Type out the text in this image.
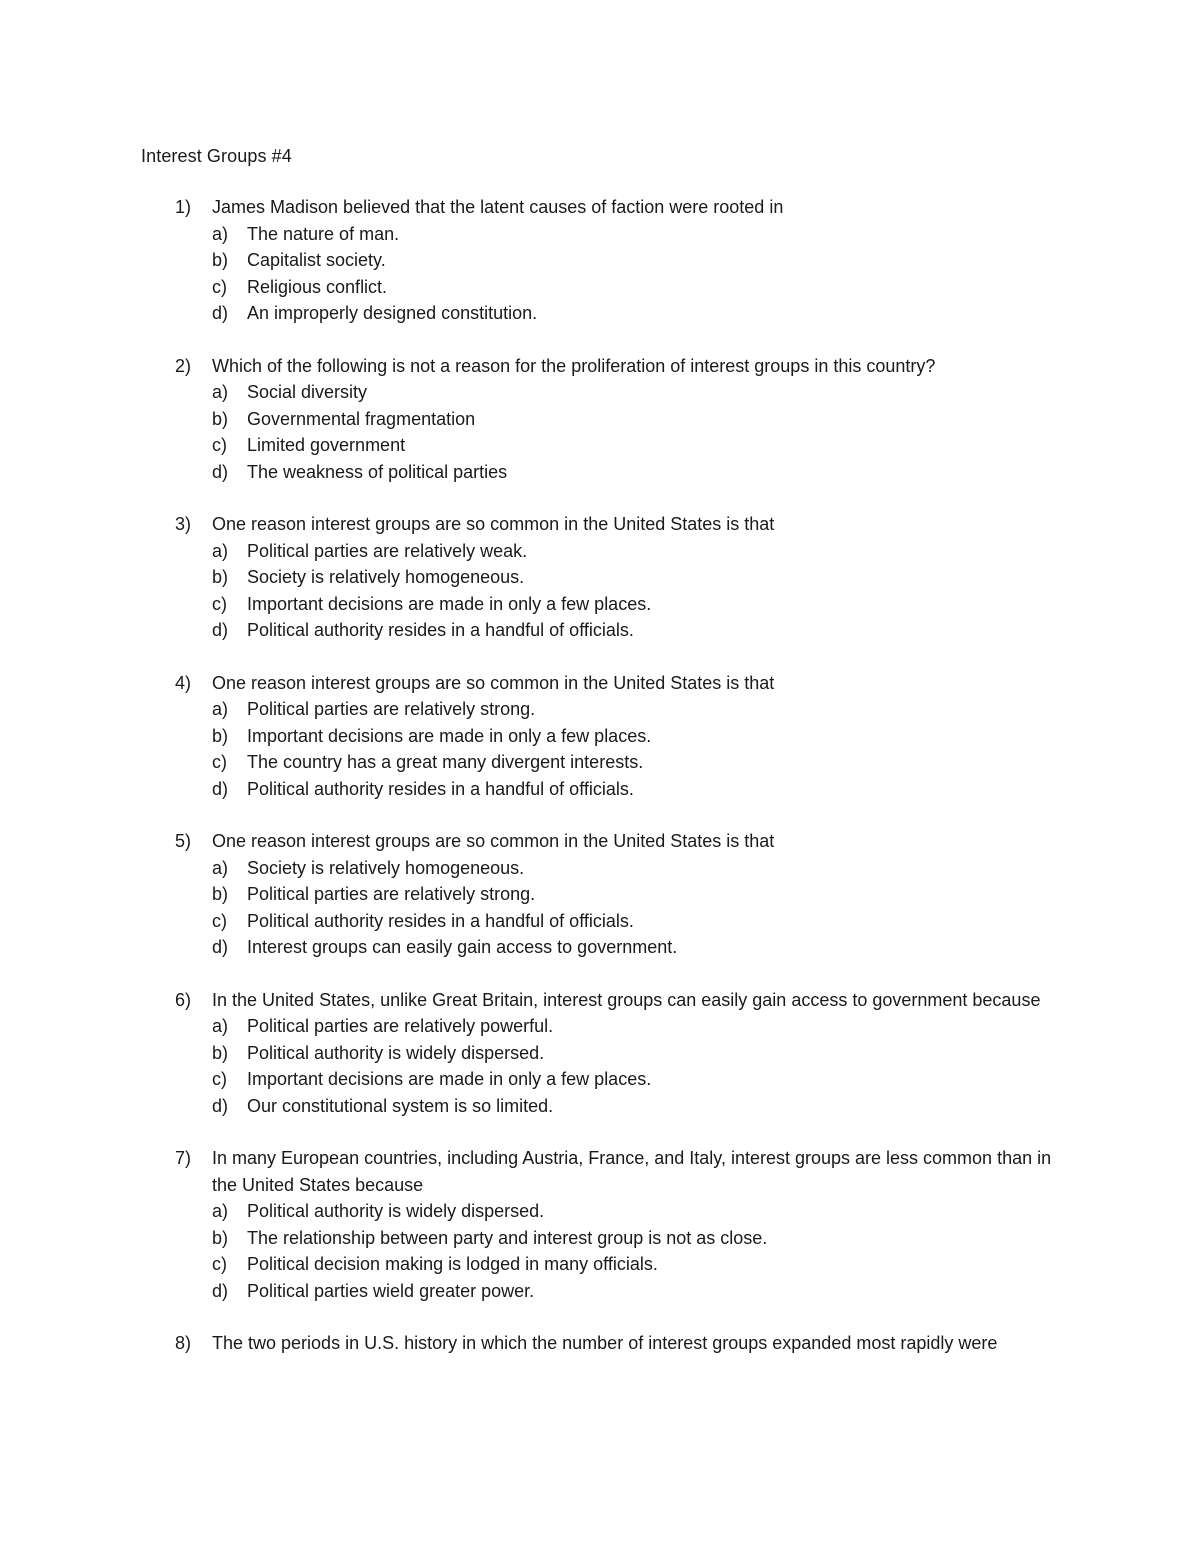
Interest Groups #4
1) James Madison believed that the latent causes of faction were rooted in
a) The nature of man.
b) Capitalist society.
c) Religious conflict.
d) An improperly designed constitution.
2) Which of the following is not a reason for the proliferation of interest groups in this country?
a) Social diversity
b) Governmental fragmentation
c) Limited government
d) The weakness of political parties
3) One reason interest groups are so common in the United States is that
a) Political parties are relatively weak.
b) Society is relatively homogeneous.
c) Important decisions are made in only a few places.
d) Political authority resides in a handful of officials.
4) One reason interest groups are so common in the United States is that
a) Political parties are relatively strong.
b) Important decisions are made in only a few places.
c) The country has a great many divergent interests.
d) Political authority resides in a handful of officials.
5) One reason interest groups are so common in the United States is that
a) Society is relatively homogeneous.
b) Political parties are relatively strong.
c) Political authority resides in a handful of officials.
d) Interest groups can easily gain access to government.
6) In the United States, unlike Great Britain, interest groups can easily gain access to government because
a) Political parties are relatively powerful.
b) Political authority is widely dispersed.
c) Important decisions are made in only a few places.
d) Our constitutional system is so limited.
7) In many European countries, including Austria, France, and Italy, interest groups are less common than in the United States because
a) Political authority is widely dispersed.
b) The relationship between party and interest group is not as close.
c) Political decision making is lodged in many officials.
d) Political parties wield greater power.
8) The two periods in U.S. history in which the number of interest groups expanded most rapidly were
